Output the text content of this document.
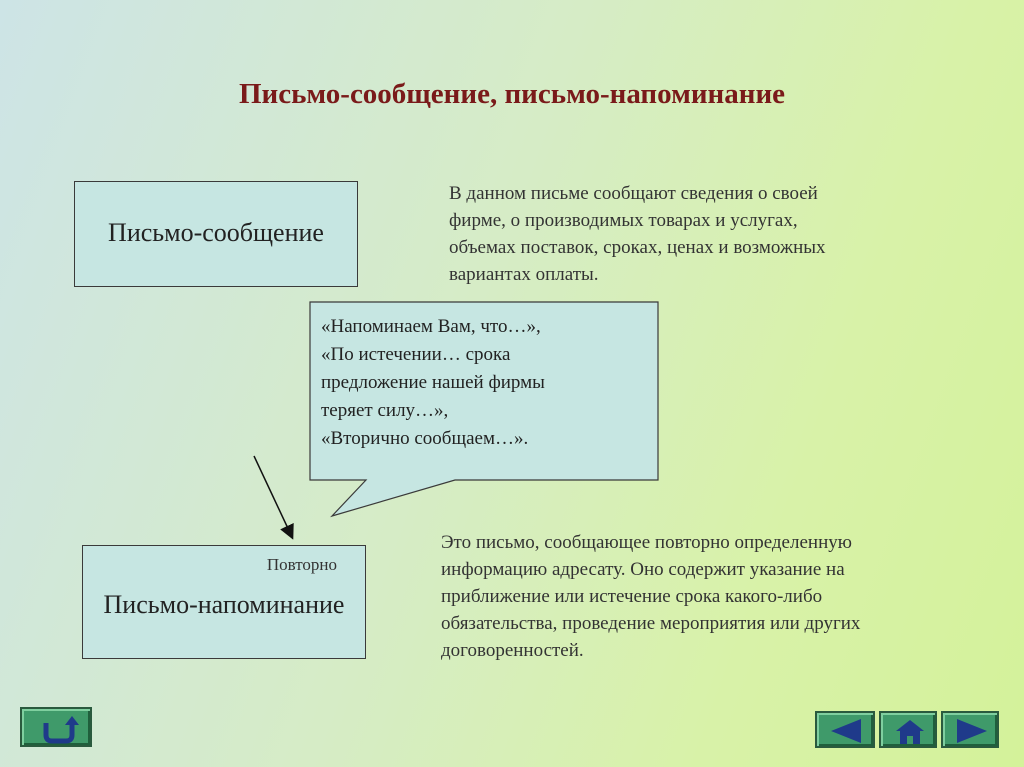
Письмо-сообщение, письмо-напоминание
Письмо-сообщение
В данном письме сообщают сведения о своей
фирме, о производимых товарах и услугах,
объемах поставок, сроках, ценах и возможных
вариантах оплаты.
«Напоминаем Вам, что…»,
«По истечении… срока
предложение нашей фирмы
теряет силу…»,
«Вторично сообщаем…».
Повторно
Письмо-напоминание
Это письмо, сообщающее повторно определенную
информацию адресату. Оно содержит указание на
приближение или истечение срока какого-либо
обязательства, проведение мероприятия или других
договоренностей.
